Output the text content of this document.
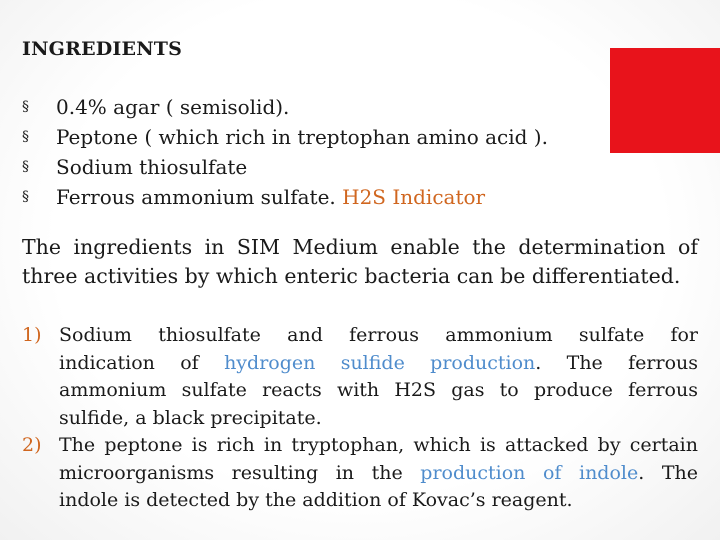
INGREDIENTS
§ 0.4% agar ( semisolid).
§ Peptone ( which rich in treptophan amino acid ).
§ Sodium thiosulfate
§ Ferrous ammonium sulfate. H2S Indicator
The ingredients in SIM Medium enable the determination of
three activities by which enteric bacteria can be differentiated.
1) Sodium thiosulfate and ferrous ammonium sulfate for
indication of hydrogen sulfide production. The ferrous
ammonium sulfate reacts with H2S gas to produce ferrous
sulfide, a black precipitate.
2) The peptone is rich in tryptophan, which is attacked by certain
microorganisms resulting in the production of indole. The
indole is detected by the addition of Kovac’s reagent.
